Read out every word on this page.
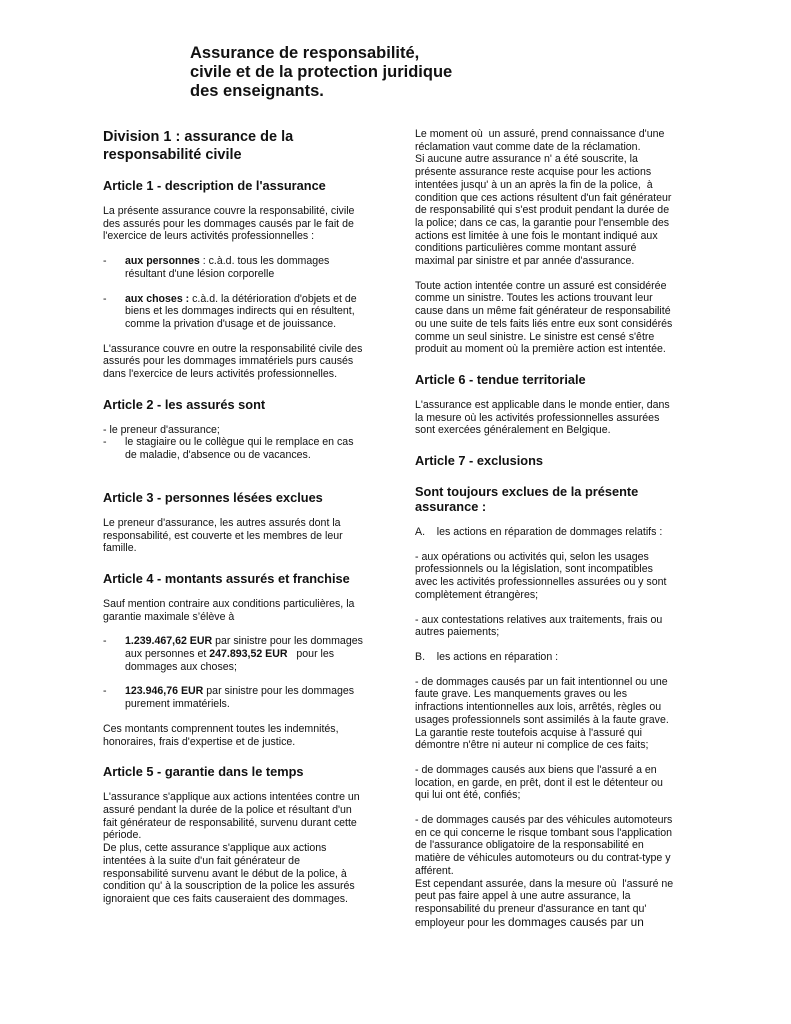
Assurance de responsabilité,
civile et de la protection juridique
des enseignants.
Division 1 : assurance de la
responsabilité civile
Article 1 - description de l'assurance

La présente assurance couvre la responsabilité, civile
des assurés pour les dommages causés par le fait de
l'exercice de leurs activités professionnelles :

- aux personnes : c.à.d. tous les dommages
résultant d'une lésion corporelle
- aux choses : c.à.d. la détérioration d'objets et de
biens et les dommages indirects qui en résultent,
comme la privation d'usage et de jouissance.

L'assurance couvre en outre la responsabilité civile des
assurés pour les dommages immatériels purs causés
dans l'exercice de leurs activités professionnelles.

Article 2 - les assurés sont
- le preneur d'assurance;
- le stagiaire ou le collègue qui le remplace en cas
de maladie, d'absence ou de vacances.
Article 3 - personnes lésées exclues

Le preneur d'assurance, les autres assurés dont la
responsabilité, est couverte et les membres de leur
famille.

Article 4 - montants assurés et franchise

Sauf mention contraire aux conditions particulières, la
garantie maximale s’élève à

- 1.239.467,62 EUR par sinistre pour les dommages
aux personnes et 247.893,52 EUR   pour les
dommages aux choses;
- 123.946,76 EUR par sinistre pour les dommages
purement immatériels.

Ces montants comprennent toutes les indemnités,
honoraires, frais d'expertise et de justice.

Article 5 - garantie dans le temps

L'assurance s'applique aux actions intentées contre un
assuré pendant la durée de la police et résultant d'un
fait générateur de responsabilité, survenu durant cette
période.
De plus, cette assurance s'applique aux actions
intentées à la suite d'un fait générateur de
responsabilité survenu avant le début de la police, à
condition qu' à la souscription de la police les assurés
ignoraient que ces faits causeraient des dommages.

Le moment où  un assuré, prend connaissance d'une
réclamation vaut comme date de la réclamation.
Si aucune autre assurance n' a été souscrite, la
présente assurance reste acquise pour les actions
intentées jusqu' à un an après la fin de la police,  à
condition que ces actions résultent d'un fait générateur
de responsabilité qui s'est produit pendant la durée de
la police; dans ce cas, la garantie pour l'ensemble des
actions est limitée à une fois le montant indiqué aux
conditions particulières comme montant assuré
maximal par sinistre et par année d'assurance.

Toute action intentée contre un assuré est considérée
comme un sinistre. Toutes les actions trouvant leur
cause dans un même fait générateur de responsabilité
ou une suite de tels faits liés entre eux sont considérés
comme un seul sinistre. Le sinistre est censé s'être
produit au moment où la première action est intentée.

Article 6 - tendue territoriale

L'assurance est applicable dans le monde entier, dans
la mesure où les activités professionnelles assurées
sont exercées généralement en Belgique.

Article 7 - exclusions
Sont toujours exclues de la présente
assurance :

A.    les actions en réparation de dommages relatifs :

- aux opérations ou activités qui, selon les usages
professionnels ou la législation, sont incompatibles
avec les activités professionnelles assurées ou y sont
complètement étrangères;

- aux contestations relatives aux traitements, frais ou
autres paiements;

B.    les actions en réparation :

- de dommages causés par un fait intentionnel ou une
faute grave. Les manquements graves ou les
infractions intentionnelles aux lois, arrêtés, règles ou
usages professionnels sont assimilés à la faute grave.
La garantie reste toutefois acquise à l'assuré qui
démontre n'être ni auteur ni complice de ces faits;

- de dommages causés aux biens que l'assuré a en
location, en garde, en prêt, dont il est le détenteur ou
qui lui ont été, confiés;

- de dommages causés par des véhicules automoteurs
en ce qui concerne le risque tombant sous l'application
de l'assurance obligatoire de la responsabilité en
matière de véhicules automoteurs ou du contrat-type y
afférent.
Est cependant assurée, dans la mesure où  l'assuré ne
peut pas faire appel à une autre assurance, la
responsabilité du preneur d'assurance en tant qu'
employeur pour les dommages causés par un
